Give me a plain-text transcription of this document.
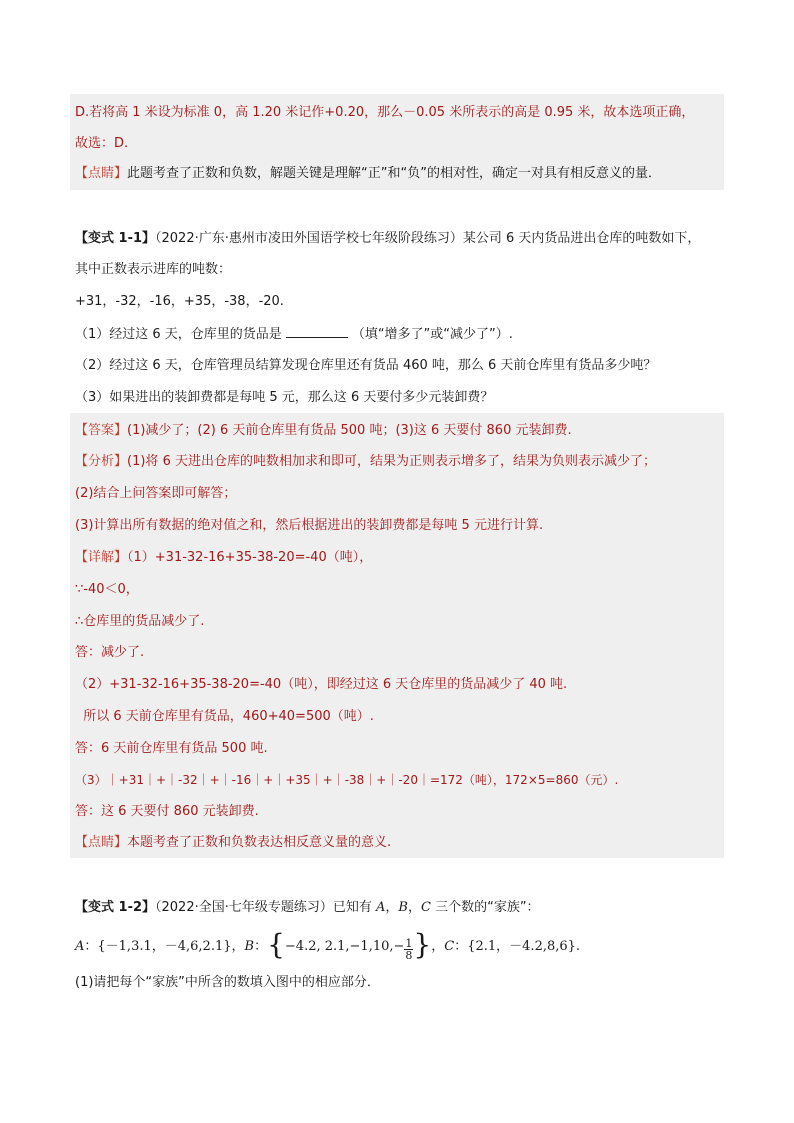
D.若将高 1 米设为标准 0，高 1.20 米记作+0.20，那么－0.05 米所表示的高是 0.95 米，故本选项正确，
故选：D.
【点睛】此题考查了正数和负数，解题关键是理解“正”和“负”的相对性，确定一对具有相反意义的量．
【变式 1-1】（2022·广东·惠州市凌田外国语学校七年级阶段练习）某公司 6 天内货品进出仓库的吨数如下，
其中正数表示进库的吨数：
+31，-32，-16，+35，-38，-20.
（1）经过这 6 天，仓库里的货品是	（填“增多了”或“减少了”）.
（2）经过这 6 天，仓库管理员结算发现仓库里还有货品 460 吨，那么 6 天前仓库里有货品多少吨？
（3）如果进出的装卸费都是每吨 5 元，那么这 6 天要付多少元装卸费？
【答案】(1)减少了；(2) 6 天前仓库里有货品 500 吨；(3)这 6 天要付 860 元装卸费.
【分析】(1)将 6 天进出仓库的吨数相加求和即可，结果为正则表示增多了，结果为负则表示减少了；
(2)结合上问答案即可解答；
(3)计算出所有数据的绝对值之和，然后根据进出的装卸费都是每吨 5 元进行计算.
【详解】（1）+31-32-16+35-38-20=-40（吨），
∵-40＜0，
∴仓库里的货品减少了.
答：减少了.
（2）+31-32-16+35-38-20=-40（吨），即经过这 6 天仓库里的货品减少了 40 吨.
所以 6 天前仓库里有货品，460+40=500（吨）.
答：6 天前仓库里有货品 500 吨.
（3）｜+31｜+｜-32｜+｜-16｜+｜+35｜+｜-38｜+｜-20｜=172（吨），172×5=860（元）.
答：这 6 天要付 860 元装卸费.
【点睛】本题考查了正数和负数表达相反意义量的意义.
【变式 1-2】（2022·全国·七年级专题练习）已知有 A，B，C 三个数的“家族”：
A：{－1,3.1，－4,6,2.1}，B：{−4.2, $2.1,-1,10,- \frac{1}{8}$ }，C：{2.1，－4.2,8,6}.
(1)请把每个“家族”中所含的数填入图中的相应部分．
